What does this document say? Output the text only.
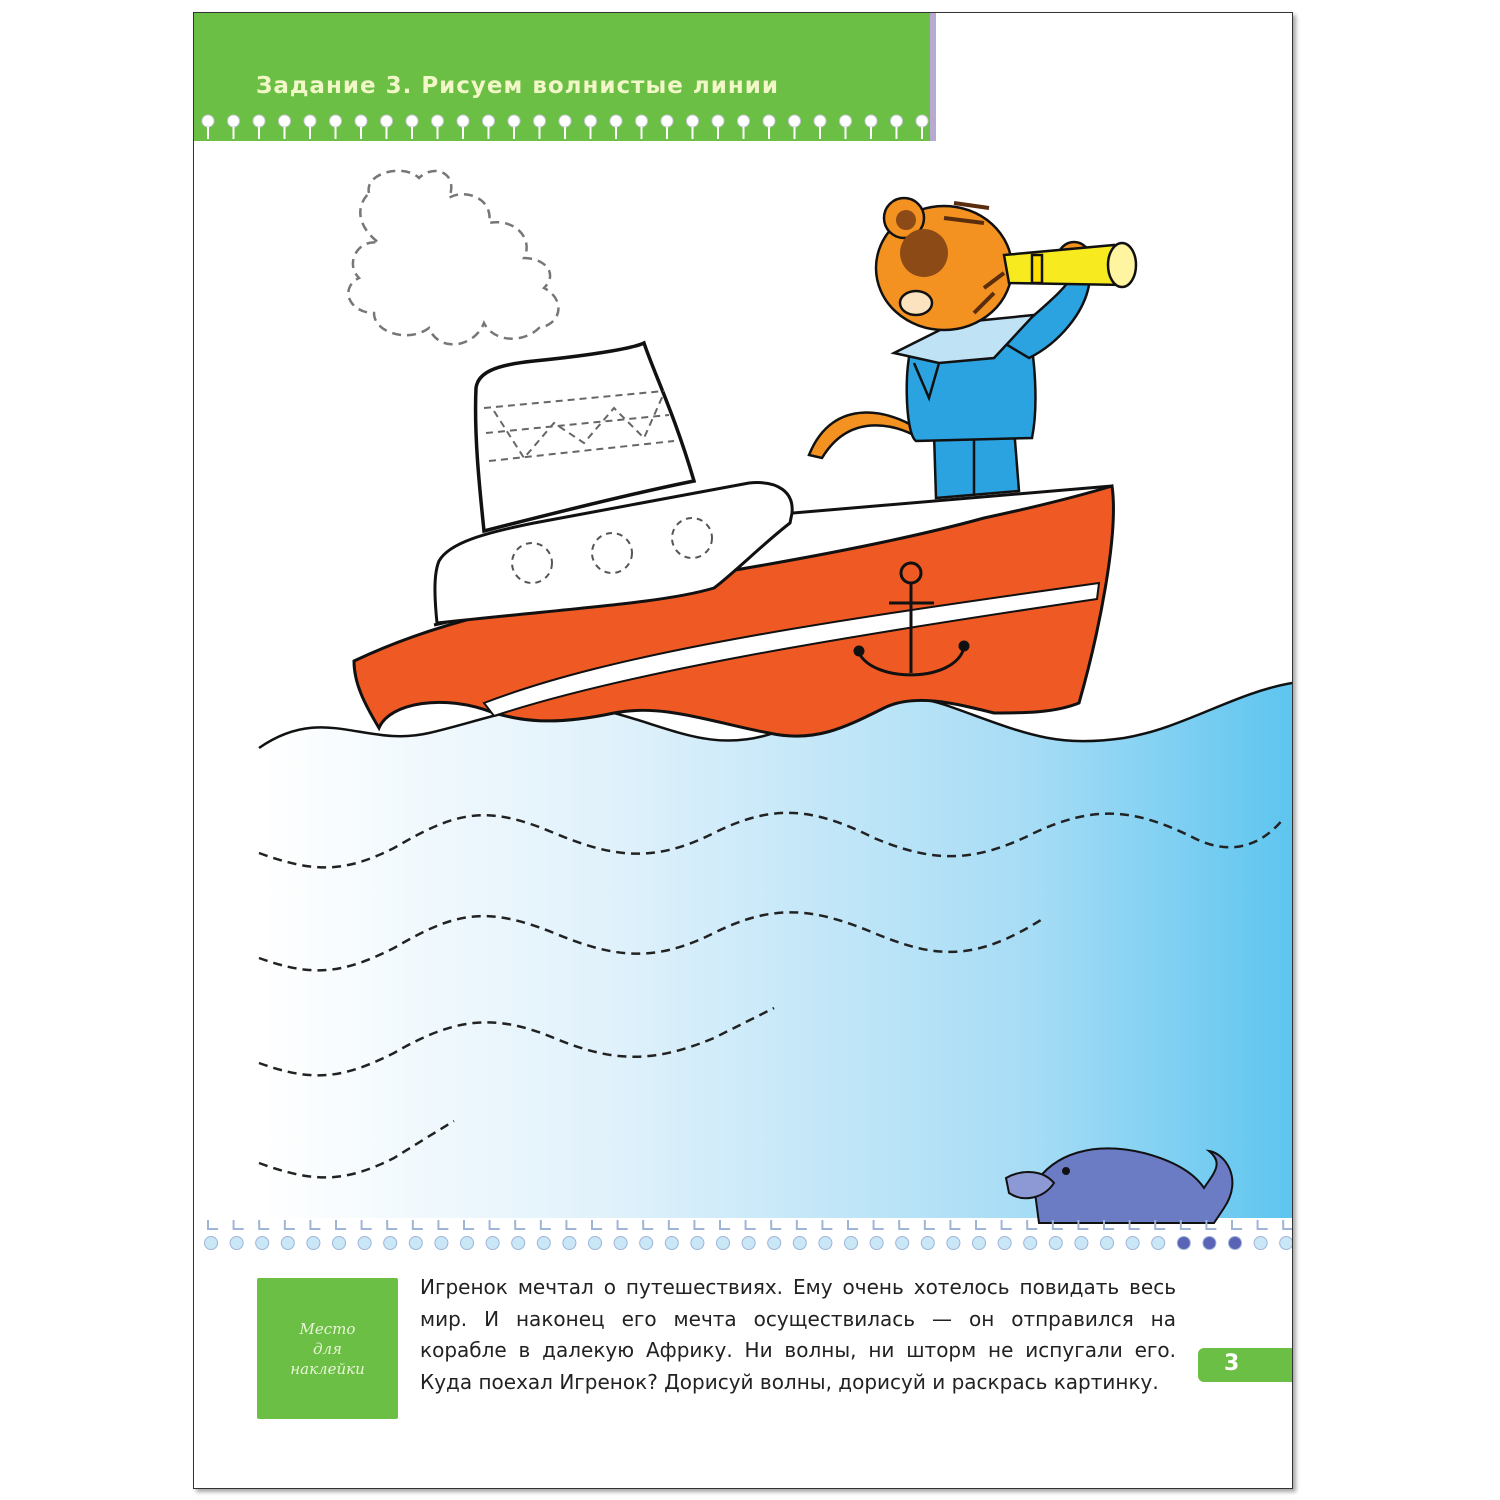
Задание 3. Рисуем волнистые линии
Место
для
наклейки
Игренок мечтал о путешествиях. Ему очень хотелось повидать весь
мир. И наконец его мечта осуществилась — он отправился на
корабле в далекую Африку. Ни волны, ни шторм не испугали его.
Куда поехал Игренок? Дорисуй волны, дорисуй и раскрась картинку.
3
